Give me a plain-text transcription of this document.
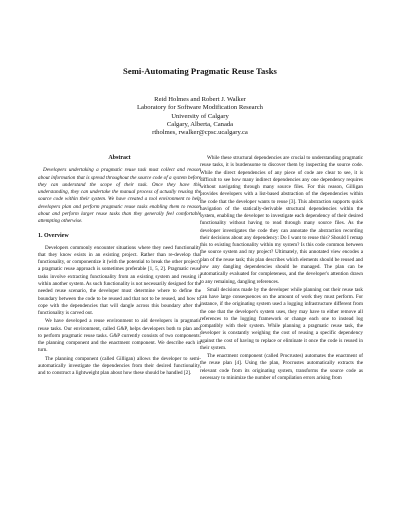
Semi-Automating Pragmatic Reuse Tasks
Reid Holmes and Robert J. Walker
Laboratory for Software Modification Research
University of Calgary
Calgary, Alberta, Canada
rtholmes, rwalker@cpsc.ucalgary.ca
Abstract

Developers undertaking a pragmatic reuse task must collect and reason about information that is spread throughout the source code of a system before they can understand the scope of their task. Once they have this understanding, they can undertake the manual process of actually reusing the source code within their system. We have created a tool environment to help developers plan and perform pragmatic reuse tasks enabling them to reason about and perform larger reuse tasks than they generally feel comfortable attempting otherwise.

1. Overview

Developers commonly encounter situations where they need functionality that they know exists in an existing project. Rather than re-develop that functionality, or componentize it (with the potential to break the other project), a pragmatic reuse approach is sometimes preferable [1, 5, 2]. Pragmatic reuse tasks involve extracting functionality from an existing system and reusing it within another system. As such functionality is not necessarily designed for the needed reuse scenario, the developer must determine where to define the boundary between the code to be reused and that not to be reused, and how to cope with the dependencies that will dangle across this boundary after the functionality is carved out.

We have developed a reuse environment to aid developers in pragmatic reuse tasks. Our environment, called G&P, helps developers both to plan and to perform pragmatic reuse tasks. G&P currently consists of two components: the planning component and the enactment component. We describe each in turn.

The planning component (called Gilligan) allows the developer to semi-automatically investigate the dependencies from their desired functionality, and to construct a lightweight plan about how these should be handled [2].

While these structural dependencies are crucial to understanding pragmatic reuse tasks, it is burdensome to discover them by inspecting the source code. While the direct dependencies of any piece of code are clear to see, it is difficult to see how many indirect dependencies any one dependency requires without navigating through many source files. For this reason, Gilligan provides developers with a list-based abstraction of the dependencies within the code that the developer wants to reuse [3]. This abstraction supports quick navigation of the statically-derivable structural dependencies within the system, enabling the developer to investigate each dependency of their desired functionality without having to read through many source files. As the developer investigates the code they can annotate the abstraction recording their decisions about any dependency: Do I want to reuse this? Should I remap this to existing functionality within my system? Is this code common between the source system and my project? Ultimately, this annotated view encodes a plan of the reuse task; this plan describes which elements should be reused and how any dangling dependencies should be managed. The plan can be automatically evaluated for completeness, and the developer's attention drawn to any remaining, dangling references.

Small decisions made by the developer while planning out their reuse task can have large consequences on the amount of work they must perform. For instance, if the originating system used a logging infrastructure different from the one that the developer's system uses, they may have to either remove all references to the logging framework or change each one to instead log compatibly with their system. While planning a pragmatic reuse task, the developer is constantly weighing the cost of reusing a specific dependency against the cost of having to replace or eliminate it once the code is reused in their system.

The enactment component (called Procrustes) automates the enactment of the reuse plan [4]. Using the plan, Procrustes automatically extracts the relevant code from its originating system, transforms the source code as necessary to minimize the number of compilation errors arising from
